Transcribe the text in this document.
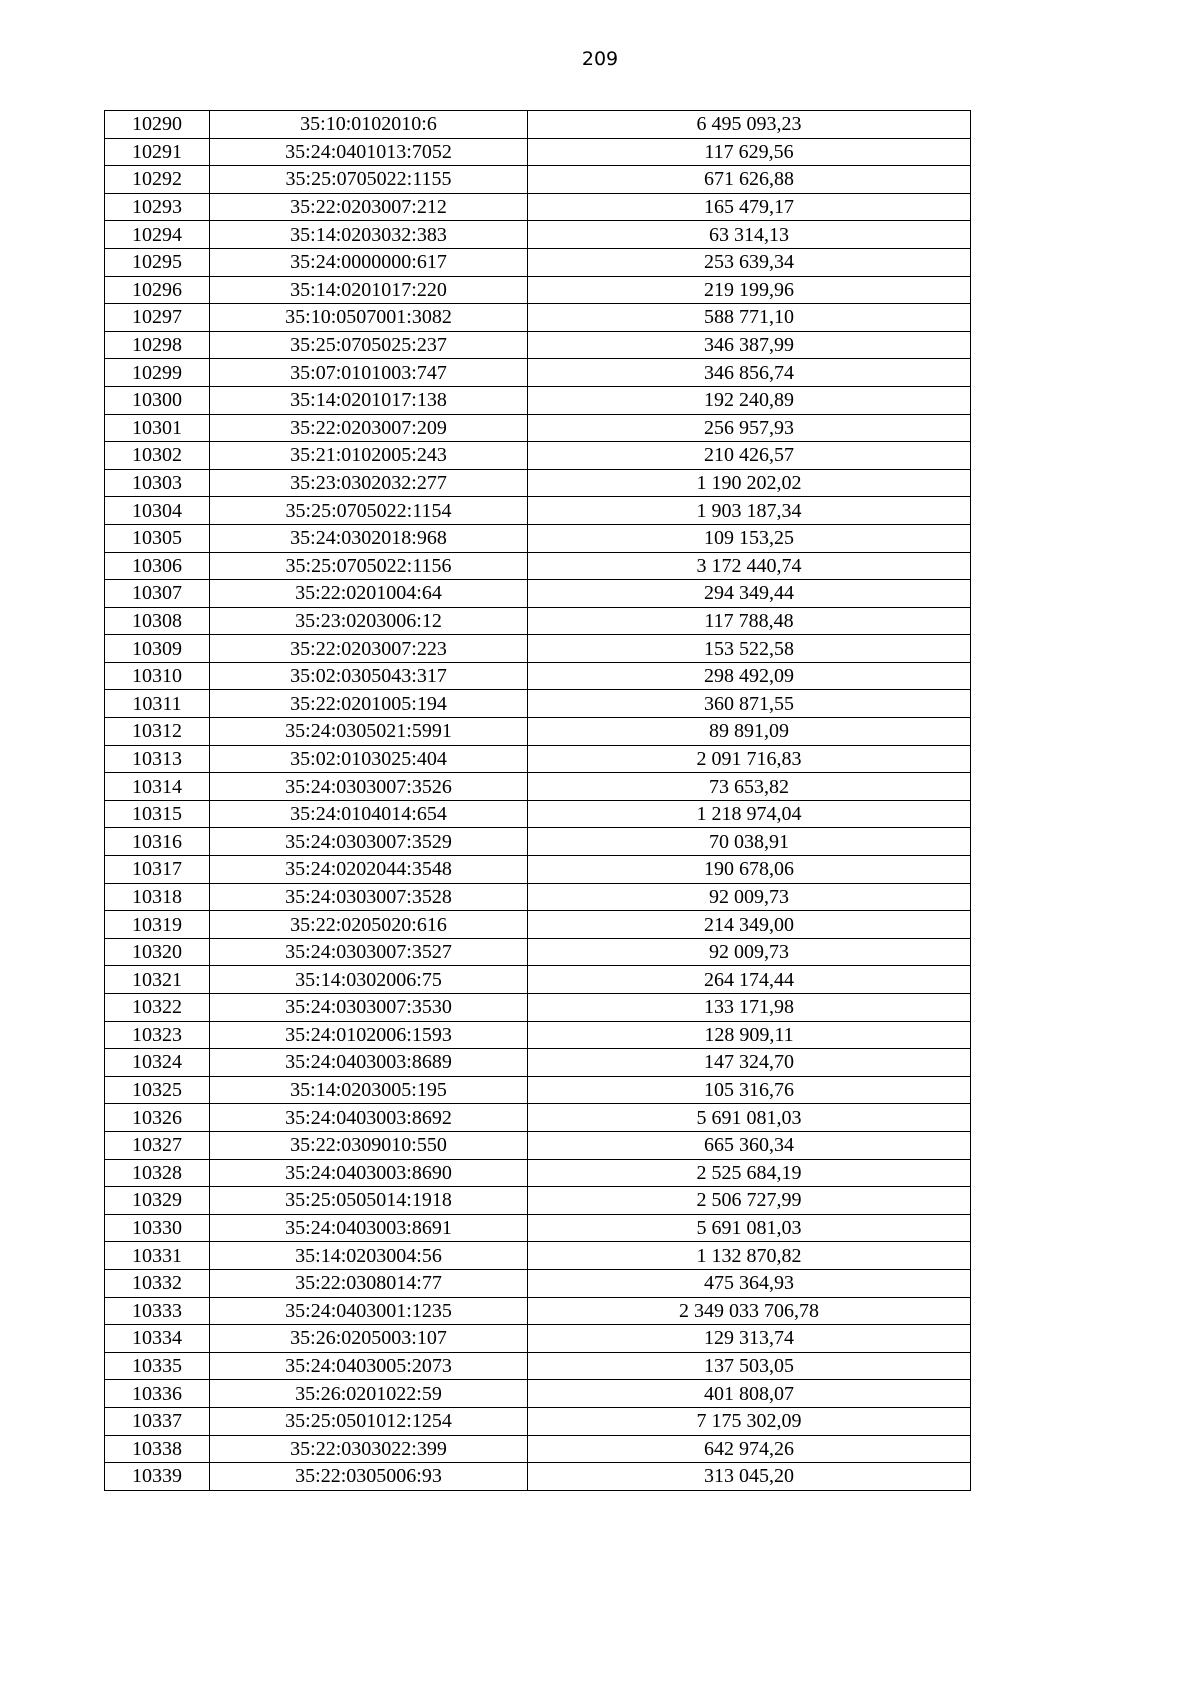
209
10290	35:10:0102010:6	6 495 093,23
10291	35:24:0401013:7052	117 629,56
10292	35:25:0705022:1155	671 626,88
10293	35:22:0203007:212	165 479,17
10294	35:14:0203032:383	63 314,13
10295	35:24:0000000:617	253 639,34
10296	35:14:0201017:220	219 199,96
10297	35:10:0507001:3082	588 771,10
10298	35:25:0705025:237	346 387,99
10299	35:07:0101003:747	346 856,74
10300	35:14:0201017:138	192 240,89
10301	35:22:0203007:209	256 957,93
10302	35:21:0102005:243	210 426,57
10303	35:23:0302032:277	1 190 202,02
10304	35:25:0705022:1154	1 903 187,34
10305	35:24:0302018:968	109 153,25
10306	35:25:0705022:1156	3 172 440,74
10307	35:22:0201004:64	294 349,44
10308	35:23:0203006:12	117 788,48
10309	35:22:0203007:223	153 522,58
10310	35:02:0305043:317	298 492,09
10311	35:22:0201005:194	360 871,55
10312	35:24:0305021:5991	89 891,09
10313	35:02:0103025:404	2 091 716,83
10314	35:24:0303007:3526	73 653,82
10315	35:24:0104014:654	1 218 974,04
10316	35:24:0303007:3529	70 038,91
10317	35:24:0202044:3548	190 678,06
10318	35:24:0303007:3528	92 009,73
10319	35:22:0205020:616	214 349,00
10320	35:24:0303007:3527	92 009,73
10321	35:14:0302006:75	264 174,44
10322	35:24:0303007:3530	133 171,98
10323	35:24:0102006:1593	128 909,11
10324	35:24:0403003:8689	147 324,70
10325	35:14:0203005:195	105 316,76
10326	35:24:0403003:8692	5 691 081,03
10327	35:22:0309010:550	665 360,34
10328	35:24:0403003:8690	2 525 684,19
10329	35:25:0505014:1918	2 506 727,99
10330	35:24:0403003:8691	5 691 081,03
10331	35:14:0203004:56	1 132 870,82
10332	35:22:0308014:77	475 364,93
10333	35:24:0403001:1235	2 349 033 706,78
10334	35:26:0205003:107	129 313,74
10335	35:24:0403005:2073	137 503,05
10336	35:26:0201022:59	401 808,07
10337	35:25:0501012:1254	7 175 302,09
10338	35:22:0303022:399	642 974,26
10339	35:22:0305006:93	313 045,20
